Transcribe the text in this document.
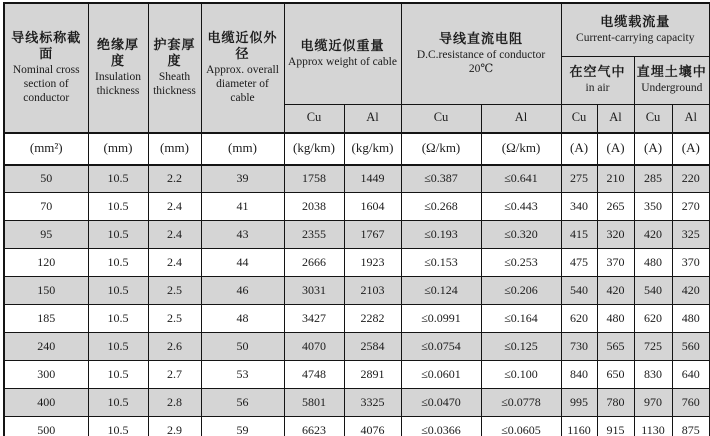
导线标称截面
Nominal cross section of conductor

绝缘厚度
Insulation thickness

护套厚度
Sheath thickness

电缆近似外径
Approx. overall diameter of cable

电缆近似重量
Approx weight of cable

导线直流电阻
D.C.resistance of conductor
20℃

电缆载流量
Current-carrying capacity

在空气中
in air

直埋土壤中
Underground

				Cu	Al	Cu	Al	Cu	Al	Cu	Al
(mm²)	(mm)	(mm)	(mm)	(kg/km)	(kg/km)	(Ω/km)	(Ω/km)	(A)	(A)	(A)	(A)
50	10.5	2.2	39	1758	1449	≤0.387	≤0.641	275	210	285	220
70	10.5	2.4	41	2038	1604	≤0.268	≤0.443	340	265	350	270
95	10.5	2.4	43	2355	1767	≤0.193	≤0.320	415	320	420	325
120	10.5	2.4	44	2666	1923	≤0.153	≤0.253	475	370	480	370
150	10.5	2.5	46	3031	2103	≤0.124	≤0.206	540	420	540	420
185	10.5	2.5	48	3427	2282	≤0.0991	≤0.164	620	480	620	480
240	10.5	2.6	50	4070	2584	≤0.0754	≤0.125	730	565	725	560
300	10.5	2.7	53	4748	2891	≤0.0601	≤0.100	840	650	830	640
400	10.5	2.8	56	5801	3325	≤0.0470	≤0.0778	995	780	970	760
500	10.5	2.9	59	6623	4076	≤0.0366	≤0.0605	1160	915	1130	875
